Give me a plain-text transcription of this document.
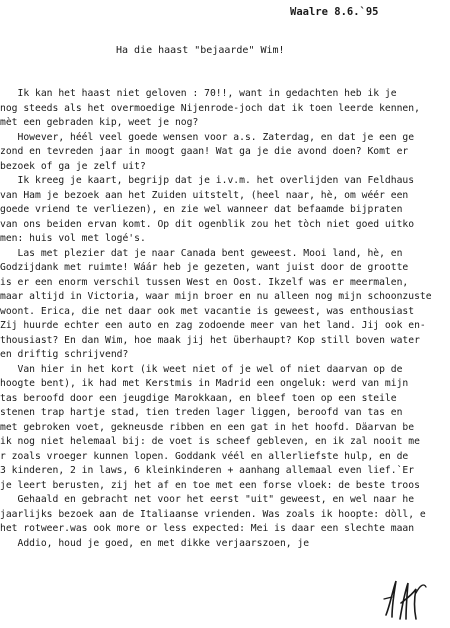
Waalre 8.6.`95
Ha die haast "bejaarde" Wim!
Ik kan het haast niet geloven : 70!!, want in gedachten heb ik je
nog steeds als het overmoedige Nijenrode-joch dat ik toen leerde kennen,
mèt een gebraden kip, weet je nog?
However, héél veel goede wensen voor a.s. Zaterdag, en dat je een ge
zond en tevreden jaar in moogt gaan! Wat ga je die avond doen? Komt er
bezoek of ga je zelf uit?
Ik kreeg je kaart, begrijp dat je i.v.m. het overlijden van Feldhaus
van Ham je bezoek aan het Zuiden uitstelt, (heel naar, hè, om wéér een
goede vriend te verliezen), en zie wel wanneer dat befaamde bijpraten
van ons beiden ervan komt. Op dit ogenblik zou het tòch niet goed uitko
men: huis vol met logé's.
Las met plezier dat je naar Canada bent geweest. Mooi land, hè, en
Godzijdank met ruimte! Wáár heb je gezeten, want juist door de grootte
is er een enorm verschil tussen West en Oost. Ikzelf was er meermalen,
maar altijd in Victoria, waar mijn broer en nu alleen nog mijn schoonzuste
woont. Erica, die net daar ook met vacantie is geweest, was enthousiast
Zij huurde echter een auto en zag zodoende meer van het land. Jij ook en-
thousiast? En dan Wim, hoe maak jij het überhaupt? Kop still boven water
en driftig schrijvend?
Van hier in het kort (ik weet niet of je wel of niet daarvan op de
hoogte bent), ik had met Kerstmis in Madrid een ongeluk: werd van mijn
tas beroofd door een jeugdige Marokkaan, en bleef toen op een steile
stenen trap hartje stad, tien treden lager liggen, beroofd van tas en
met gebroken voet, gekneusde ribben en een gat in het hoofd. Däarvan be
ik nog niet helemaal bij: de voet is scheef gebleven, en ik zal nooit me
r zoals vroeger kunnen lopen. Goddank véél en allerliefste hulp, en de
3 kinderen, 2 in laws, 6 kleinkinderen + aanhang allemaal even lief.`Er
je leert berusten, zij het af en toe met een forse vloek: de beste troos
Gehaald en gebracht net voor het eerst "uit" geweest, en wel naar he
jaarlijks bezoek aan de Italiaanse vrienden. Was zoals ik hoopte: dòll, e
het rotweer.was ook more or less expected: Mei is daar een slechte maan
Addio, houd je goed, en met dikke verjaarszoen, je
